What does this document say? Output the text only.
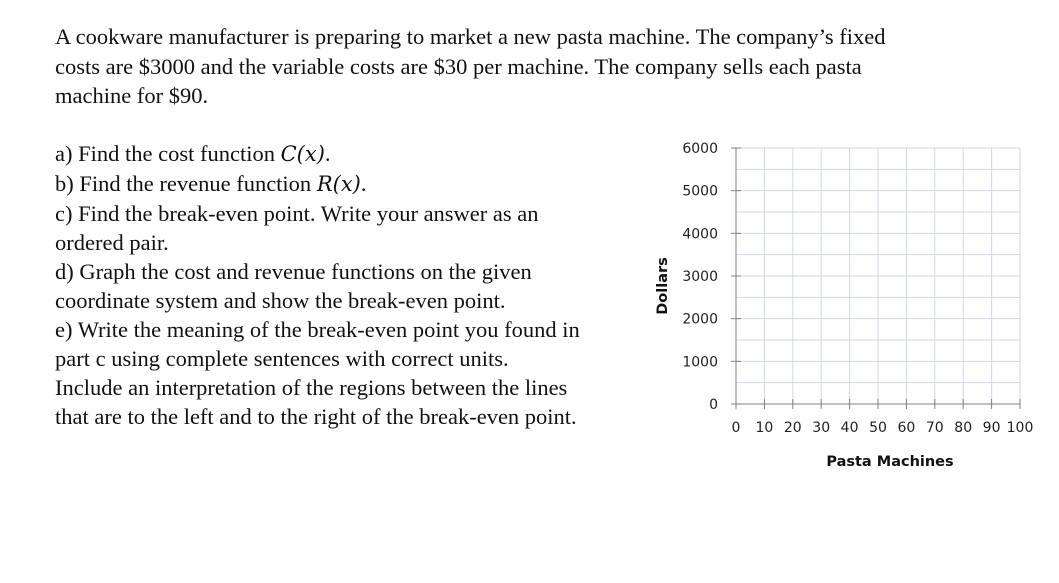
A cookware manufacturer is preparing to market a new pasta machine. The company’s fixed
costs are $3000 and the variable costs are $30 per machine. The company sells each pasta
machine for $90.
a) Find the cost function C(x).
b) Find the revenue function R(x).
c) Find the break-even point. Write your answer as an
ordered pair.
d) Graph the cost and revenue functions on the given
coordinate system and show the break-even point.
e) Write the meaning of the break-even point you found in
part c using complete sentences with correct units.
Include an interpretation of the regions between the lines
that are to the left and to the right of the break-even point.	0
1000
2000
3000
4000
5000
6000
0 10 20 30 40 50 60 70 80 90 100
Pasta Machines
Dollars
